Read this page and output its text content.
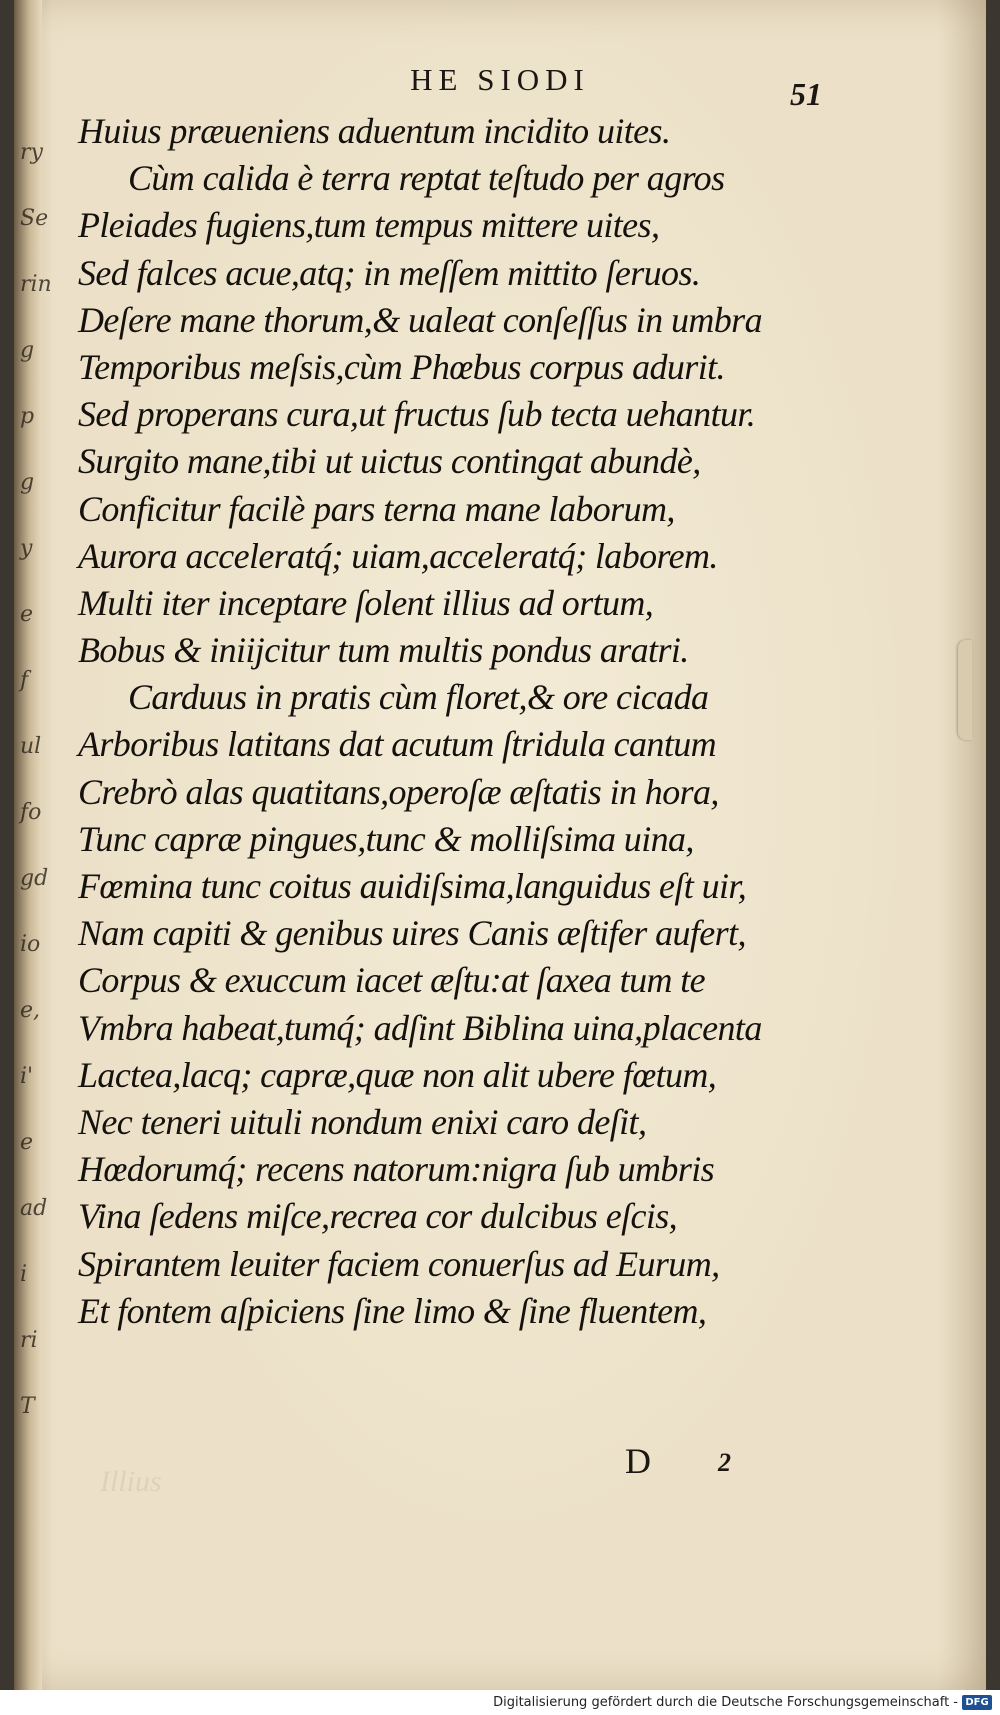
ry
Se
rin
g
p
g
y
e
f
ul
fo
gd
io
e,
i'
e
ad
i
ri
T
HE SIODI	51
Huius præueniens aduentum incidito uites.
Cùm calida è terra reptat teſtudo per agros
Pleiades fugiens,tum tempus mittere uites,
Sed falces acue,atq; in meſſem mittito ſeruos.
Deſere mane thorum,& ualeat conſeſſus in umbra
Temporibus meſsis,cùm Phœbus corpus adurit.
Sed properans cura,ut fructus ſub tecta uehantur.
Surgito mane,tibi ut uictus contingat abundè,
Conficitur facilè pars terna mane laborum,
Aurora acceleratq́; uiam,acceleratq́; laborem.
Multi iter inceptare ſolent illius ad ortum,
Bobus & iniijcitur tum multis pondus aratri.
Carduus in pratis cùm floret,& ore cicada
Arboribus latitans dat acutum ſtridula cantum
Crebrò alas quatitans,operoſæ æſtatis in hora,
Tunc capræ pingues,tunc & molliſsima uina,
Fœmina tunc coitus auidiſsima,languidus eſt uir,
Nam capiti & genibus uires Canis æſtifer aufert,
Corpus & exuccum iacet æſtu:at ſaxea tum te
Vmbra habeat,tumq́; adſint Biblina uina,placenta
Lactea,lacq; capræ,quæ non alit ubere fœtum,
Nec teneri uituli nondum enixi caro deſit,
Hœdorumq́; recens natorum:nigra ſub umbris
Vina ſedens miſce,recrea cor dulcibus eſcis,
Spirantem leuiter faciem conuerſus ad Eurum,
Et fontem aſpiciens ſine limo & ſine fluentem,
Illius
D	2
Digitalisierung gefördert durch die Deutsche Forschungsgemeinschaft - DFG
